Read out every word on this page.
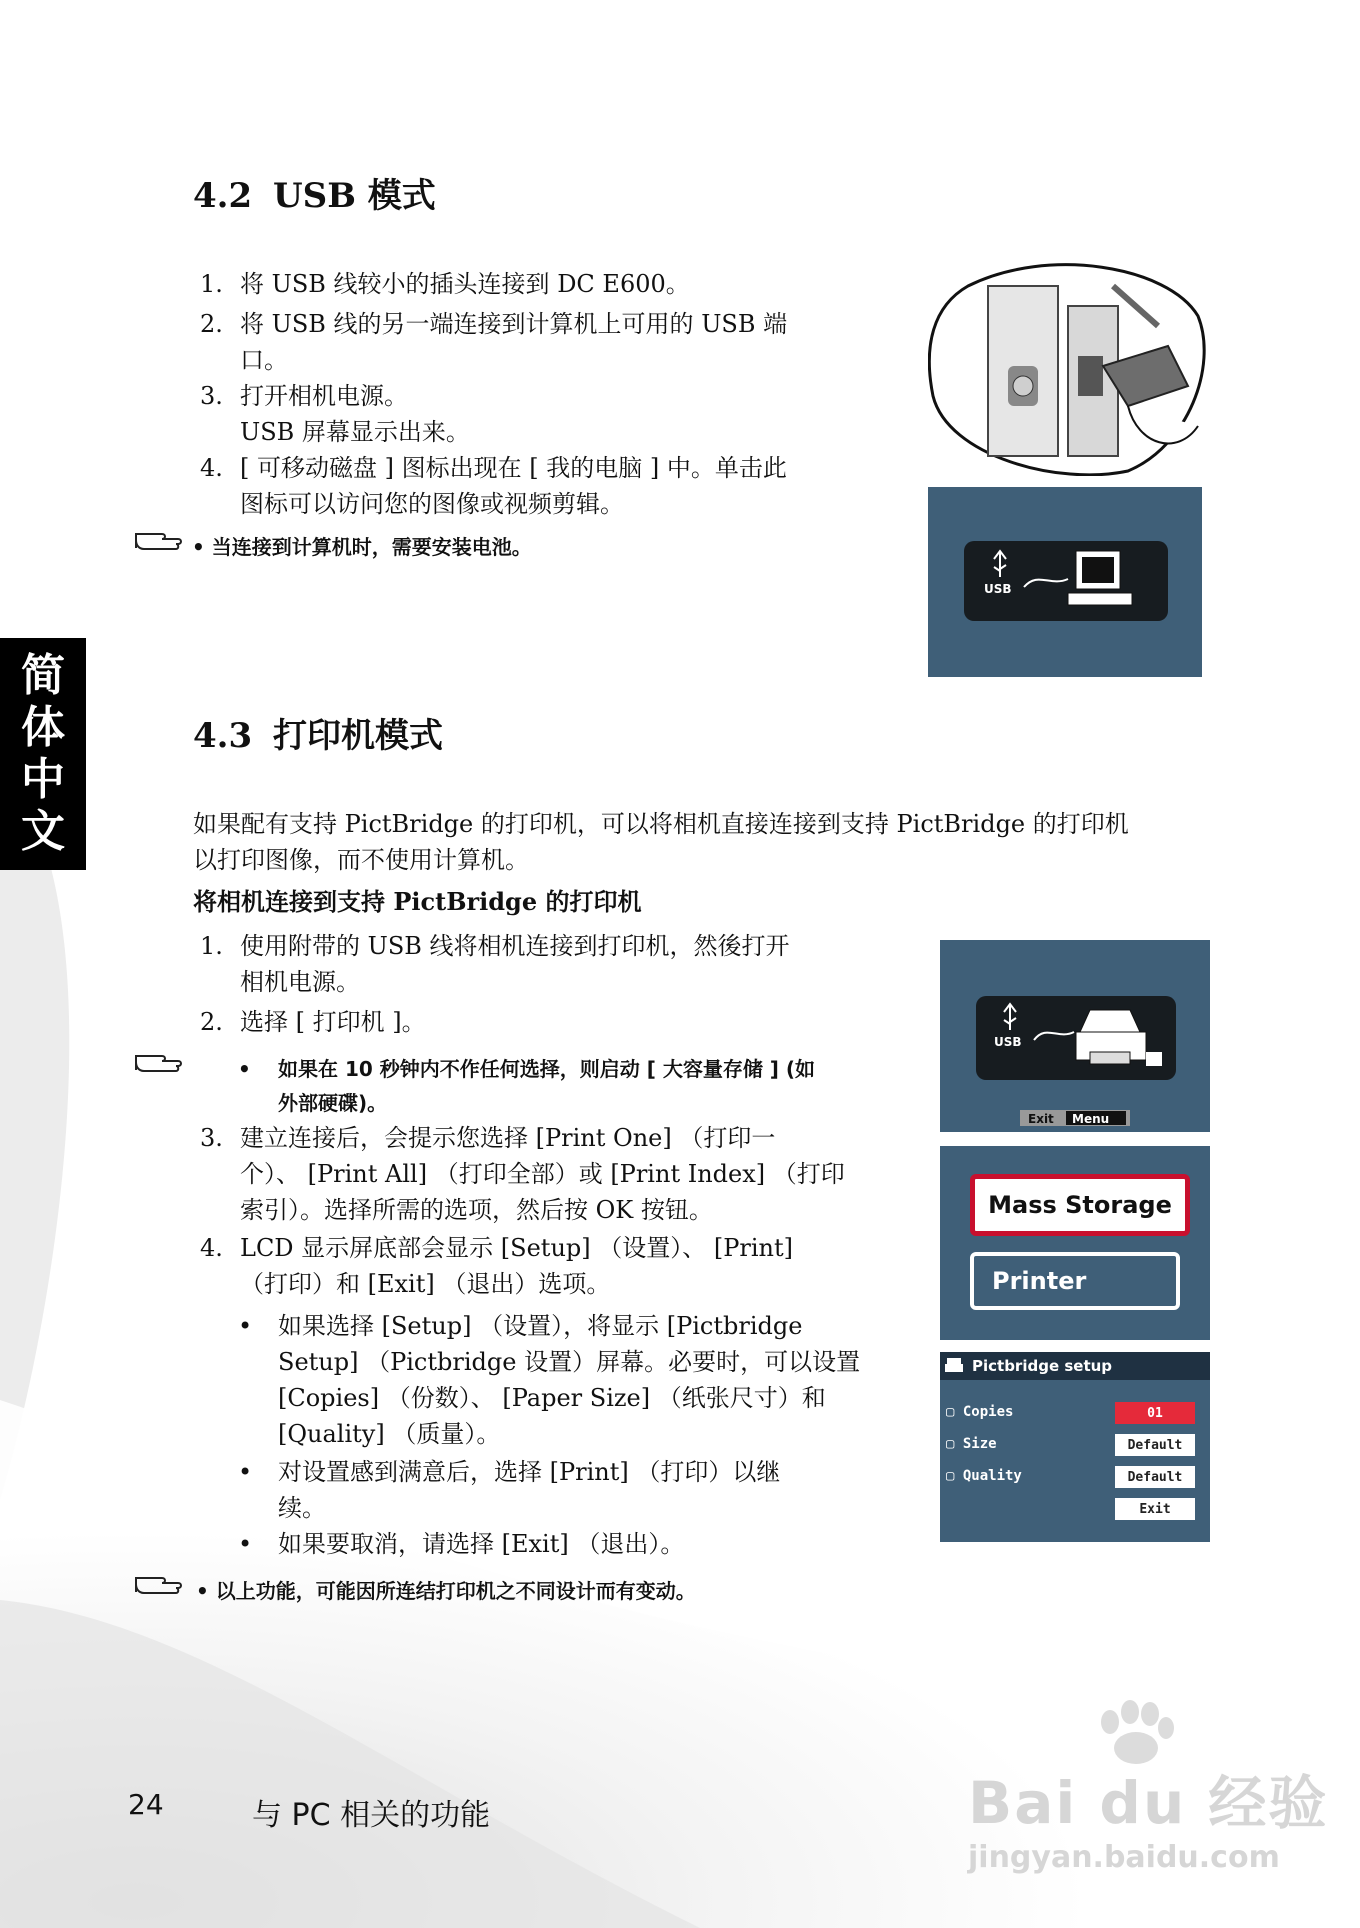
4.2 USB 模式
1. 将 USB 线较小的插头连接到 DC E600。
2. 将 USB 线的另一端连接到计算机上可用的 USB 端
口。
3. 打开相机电源。
USB 屏幕显示出来。
4. [ 可移动磁盘 ] 图标出现在 [ 我的电脑 ] 中。单击此
图标可以访问您的图像或视频剪辑。
• 当连接到计算机时，需要安装电池。
USB
简
体
中
文
4.3 打印机模式
如果配有支持 PictBridge 的打印机，可以将相机直接连接到支持 PictBridge 的打印机
以打印图像，而不使用计算机。
将相机连接到支持 PictBridge 的打印机
1. 使用附带的 USB 线将相机连接到打印机，然後打开
相机电源。
2. 选择 [ 打印机 ]。
•	如果在 10 秒钟内不作任何选择，则启动 [ 大容量存储 ] (如
外部硬碟)。
3. 建立连接后，会提示您选择 [Print One] （打印一
个）、 [Print All] （打印全部）或 [Print Index] （打印
索引）。选择所需的选项，然后按 OK 按钮。
4. LCD 显示屏底部会显示 [Setup] （设置）、 [Print]
（打印）和 [Exit] （退出）选项。
•	如果选择 [Setup] （设置），将显示 [Pictbridge
Setup] （Pictbridge 设置）屏幕。必要时，可以设置
[Copies] （份数）、 [Paper Size] （纸张尺寸）和
[Quality] （质量）。
•	对设置感到满意后，选择 [Print] （打印）以继
续。
•	如果要取消，请选择 [Exit] （退出）。
• 以上功能，可能因所连结打印机之不同设计而有变动。
USB
Exit Menu
Mass Storage
Printer
Pictbridge setup
▢ Copies	01
▢ Size	Default
▢ Quality	Default
Exit
24	与 PC 相关的功能	Bai du 经验
jingyan.baidu.com
